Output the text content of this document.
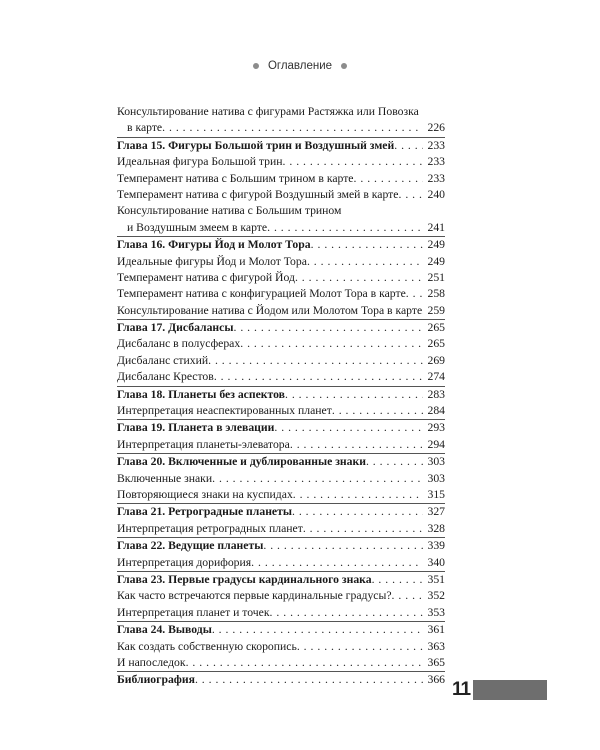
Оглавление
Консультирование натива с фигурами Растяжка или Повозка
в карте . . .	226
Глава 15. Фигуры Большой трин и Воздушный змей . . .	233
Идеальная фигура Большой трин . . .	233
Темперамент натива с Большим трином в карте . . .	233
Темперамент натива с фигурой Воздушный змей в карте . . .	240
Консультирование натива с Большим трином
и Воздушным змеем в карте . . .	241
Глава 16. Фигуры Йод и Молот Тора . . .	249
Идеальные фигуры Йод и Молот Тора . . .	249
Темперамент натива с фигурой Йод . . .	251
Темперамент натива с конфигурацией Молот Тора в карте . . .	258
Консультирование натива с Йодом или Молотом Тора в карте . . . 259
Глава 17. Дисбалансы . . .	265
Дисбаланс в полусферах . . .	265
Дисбаланс стихий . . .	269
Дисбаланс Крестов . . .	274
Глава 18. Планеты без аспектов . . .	283
Интерпретация неаспектированных планет . . .	284
Глава 19. Планета в элевации . . .	293
Интерпретация планеты-элеватора . . .	294
Глава 20. Включенные и дублированные знаки . . .	303
Включенные знаки . . .	303
Повторяющиеся знаки на куспидах . . .	315
Глава 21. Ретроградные планеты . . .	327
Интерпретация ретроградных планет . . .	328
Глава 22. Ведущие планеты . . .	339
Интерпретация дорифория . . .	340
Глава 23. Первые градусы кардинального знака . . .	351
Как часто встречаются первые кардинальные градусы? . . .	352
Интерпретация планет и точек . . .	353
Глава 24. Выводы . . .	361
Как создать собственную скоропись . . .	363
И напоследок . . .	365
Библиография . . .	366 11
